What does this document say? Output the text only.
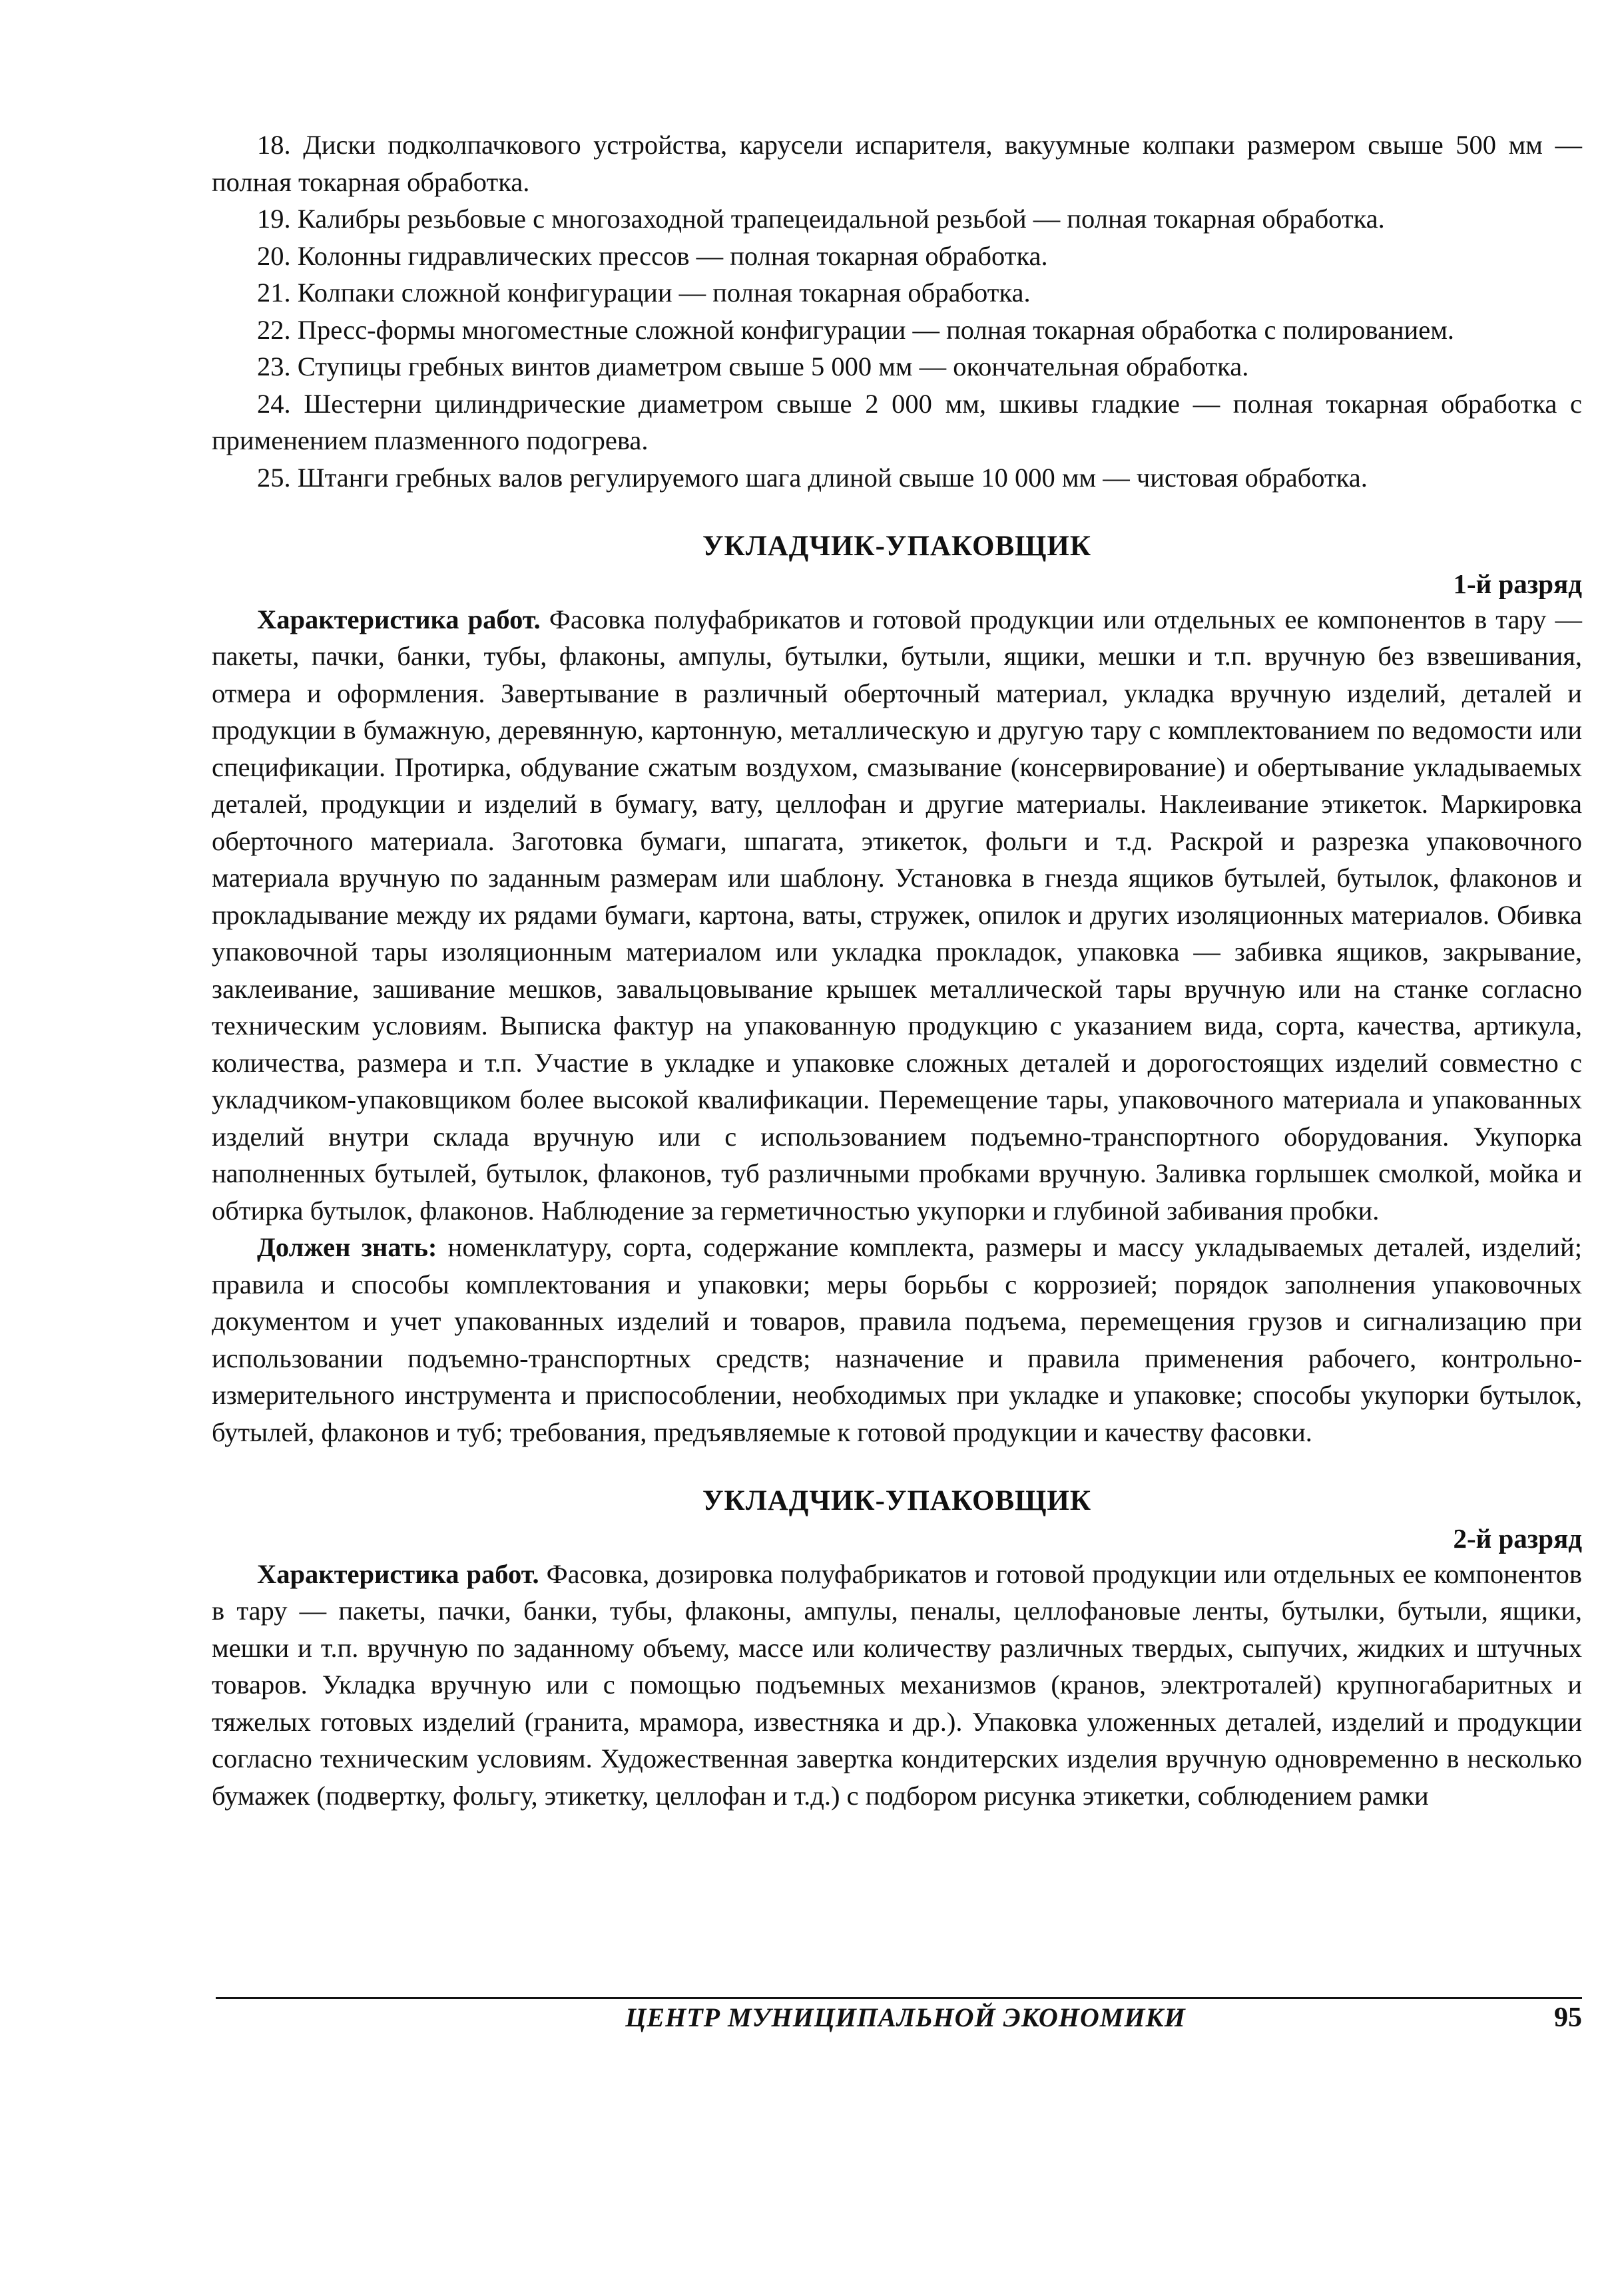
18. Диски подколпачкового устройства, карусели испарителя, вакуумные колпаки размером свыше 500 мм — полная токарная обработка.

19. Калибры резьбовые с многозаходной трапецеидальной резьбой — полная токарная обработка.

20. Колонны гидравлических прессов — полная токарная обработка.

21. Колпаки сложной конфигурации — полная токарная обработка.

22. Пресс-формы многоместные сложной конфигурации — полная токарная обработка с полированием.

23. Ступицы гребных винтов диаметром свыше 5 000 мм — окончательная обработка.

24. Шестерни цилиндрические диаметром свыше 2 000 мм, шкивы гладкие — полная токарная обработка с применением плазменного подогрева.

25. Штанги гребных валов регулируемого шага длиной свыше 10 000 мм — чистовая обработка.

УКЛАДЧИК-УПАКОВЩИК
1-й разряд

Характеристика работ. Фасовка полуфабрикатов и готовой продукции или отдельных ее компонентов в тару — пакеты, пачки, банки, тубы, флаконы, ампулы, бутылки, бутыли, ящики, мешки и т.п. вручную без взвешивания, отмера и оформления. Завертывание в различный оберточный материал, укладка вручную изделий, деталей и продукции в бумажную, деревянную, картонную, металлическую и другую тару с комплектованием по ведомости или спецификации. Протирка, обдувание сжатым воздухом, смазывание (консервирование) и обертывание укладываемых деталей, продукции и изделий в бумагу, вату, целлофан и другие материалы. Наклеивание этикеток. Маркировка оберточного материала. Заготовка бумаги, шпагата, этикеток, фольги и т.д. Раскрой и разрезка упаковочного материала вручную по заданным размерам или шаблону. Установка в гнезда ящиков бутылей, бутылок, флаконов и прокладывание между их рядами бумаги, картона, ваты, стружек, опилок и других изоляционных материалов. Обивка упаковочной тары изоляционным материалом или укладка прокладок, упаковка — забивка ящиков, закрывание, заклеивание, зашивание мешков, завальцовывание крышек металлической тары вручную или на станке согласно техническим условиям. Выписка фактур на упакованную продукцию с указанием вида, сорта, качества, артикула, количества, размера и т.п. Участие в укладке и упаковке сложных деталей и дорогостоящих изделий совместно с укладчиком-упаковщиком более высокой квалификации. Перемещение тары, упаковочного материала и упакованных изделий внутри склада вручную или с использованием подъемно-транспортного оборудования. Укупорка наполненных бутылей, бутылок, флаконов, туб различными пробками вручную. Заливка горлышек смолкой, мойка и обтирка бутылок, флаконов. Наблюдение за герметичностью укупорки и глубиной забивания пробки.

Должен знать: номенклатуру, сорта, содержание комплекта, размеры и массу укладываемых деталей, изделий; правила и способы комплектования и упаковки; меры борьбы с коррозией; порядок заполнения упаковочных документом и учет упакованных изделий и товаров, правила подъема, перемещения грузов и сигнализацию при использовании подъемно-транспортных средств; назначение и правила применения рабочего, контрольно-измерительного инструмента и приспособлении, необходимых при укладке и упаковке; способы укупорки бутылок, бутылей, флаконов и туб; требования, предъявляемые к готовой продукции и качеству фасовки.

УКЛАДЧИК-УПАКОВЩИК
2-й разряд

Характеристика работ. Фасовка, дозировка полуфабрикатов и готовой продукции или отдельных ее компонентов в тару — пакеты, пачки, банки, тубы, флаконы, ампулы, пеналы, целлофановые ленты, бутылки, бутыли, ящики, мешки и т.п. вручную по заданному объему, массе или количеству различных твердых, сыпучих, жидких и штучных товаров. Укладка вручную или с помощью подъемных механизмов (кранов, электроталей) крупногабаритных и тяжелых готовых изделий (гранита, мрамора, известняка и др.). Упаковка уложенных деталей, изделий и продукции согласно техническим условиям. Художественная завертка кондитерских изделия вручную одновременно в несколько бумажек (подвертку, фольгу, этикетку, целлофан и т.д.) с подбором рисунка этикетки, соблюдением рамки

ЦЕНТР МУНИЦИПАЛЬНОЙ ЭКОНОМИКИ	95
